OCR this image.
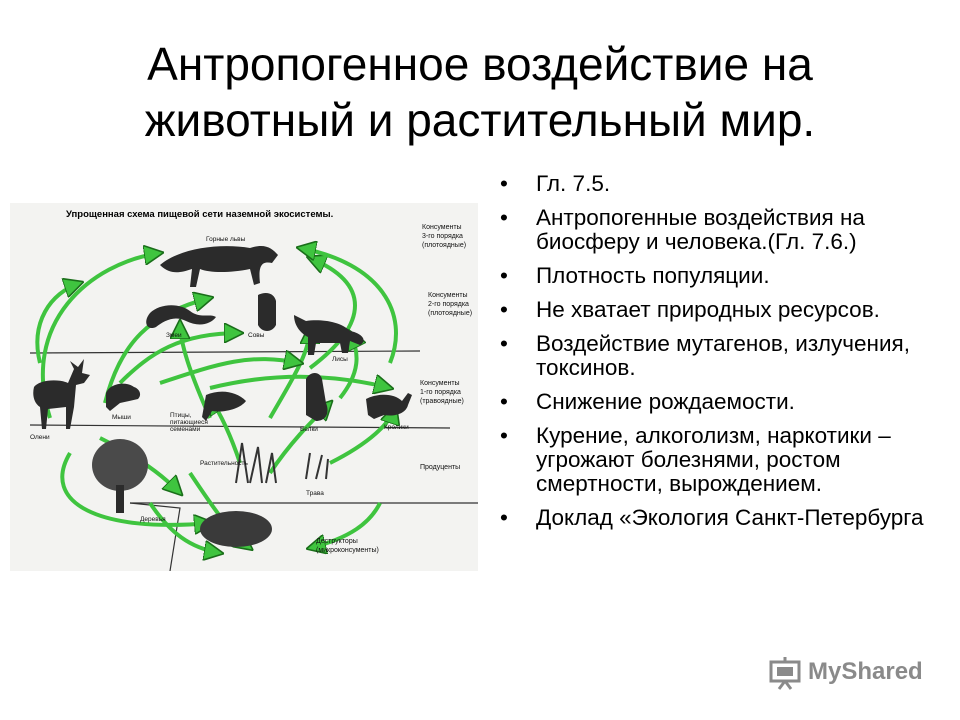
Антропогенное воздействие на животный и растительный мир.
Упрощенная схема пищевой сети наземной экосистемы.
Консументы
3-го порядка
(плотоядные)
Консументы
2-го порядка
(плотоядные)
Консументы
1-го порядка
(травоядные)
Продуценты
Деструкторы
(микроконсументы)
Горные львы
Змеи	Совы
Лисы
Олени
Мыши	Птицы,
питающиеся
семенами	Белки	Кролики
Растительность
Трава
Деревья
• Гл. 7.5.
• Антропогенные воздействия на биосферу и человека.(Гл. 7.6.)
• Плотность популяции.
• Не хватает природных ресурсов.
• Воздействие мутагенов, излучения, токсинов.
• Снижение рождаемости.
• Курение, алкоголизм, наркотики – угрожают болезнями, ростом смертности, вырождением.
• Доклад «Экология Санкт-Петербурга
MyShared
